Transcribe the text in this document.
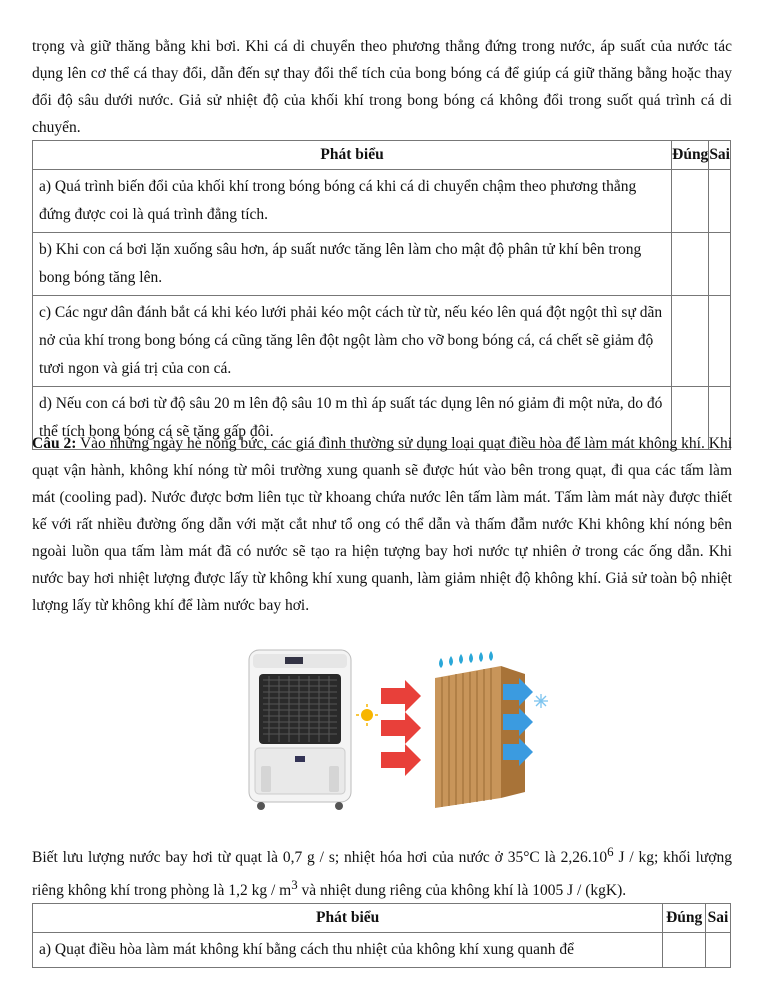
trọng và giữ thăng bằng khi bơi. Khi cá di chuyển theo phương thẳng đứng trong nước, áp suất của nước tác dụng lên cơ thể cá thay đổi, dẫn đến sự thay đổi thể tích của bong bóng cá để giúp cá giữ thăng bằng hoặc thay đổi độ sâu dưới nước. Giả sử nhiệt độ của khối khí trong bong bóng cá không đổi trong suốt quá trình cá di chuyển.

Phát biểu	Đúng	Sai
a) Quá trình biến đổi của khối khí trong bóng bóng cá khi cá di chuyển chậm theo phương thẳng đứng được coi là quá trình đẳng tích.		
b) Khi con cá bơi lặn xuống sâu hơn, áp suất nước tăng lên làm cho mật độ phân tử khí bên trong bong bóng tăng lên.		
c) Các ngư dân đánh bắt cá khi kéo lưới phải kéo một cách từ từ, nếu kéo lên quá đột ngột thì sự dãn nở của khí trong bong bóng cá cũng tăng lên đột ngột làm cho vỡ bong bóng cá, cá chết sẽ giảm độ tươi ngon và giá trị của con cá.		
d) Nếu con cá bơi từ độ sâu 20 m lên độ sâu 10 m thì áp suất tác dụng lên nó giảm đi một nửa, do đó thể tích bong bóng cá sẽ tăng gấp đôi.		

Câu 2: Vào những ngày hè nóng bức, các giá đình thường sử dụng loại quạt điều hòa để làm mát không khí. Khi quạt vận hành, không khí nóng từ môi trường xung quanh sẽ được hút vào bên trong quạt, đi qua các tấm làm mát (cooling pad). Nước được bơm liên tục từ khoang chứa nước lên tấm làm mát. Tấm làm mát này được thiết kế với rất nhiều đường ống dẫn với mặt cắt như tổ ong có thể dẫn và thấm đẫm nước Khi không khí nóng bên ngoài luồn qua tấm làm mát đã có nước sẽ tạo ra hiện tượng bay hơi nước tự nhiên ở trong các ống dẫn. Khi nước bay hơi nhiệt lượng được lấy từ không khí xung quanh, làm giảm nhiệt độ không khí. Giả sử toàn bộ nhiệt lượng lấy từ không khí để làm nước bay hơi.

Biết lưu lượng nước bay hơi từ quạt là 0,7 g / s; nhiệt hóa hơi của nước ở 35°C là 2,26.10$^6$ J / kg; khối lượng riêng không khí trong phòng là 1,2 kg / $m^3$ và nhiệt dung riêng của không khí là 1005 J / (kgK).

Phát biểu	Đúng	Sai
a) Quạt điều hòa làm mát không khí bằng cách thu nhiệt của không khí xung quanh để		
